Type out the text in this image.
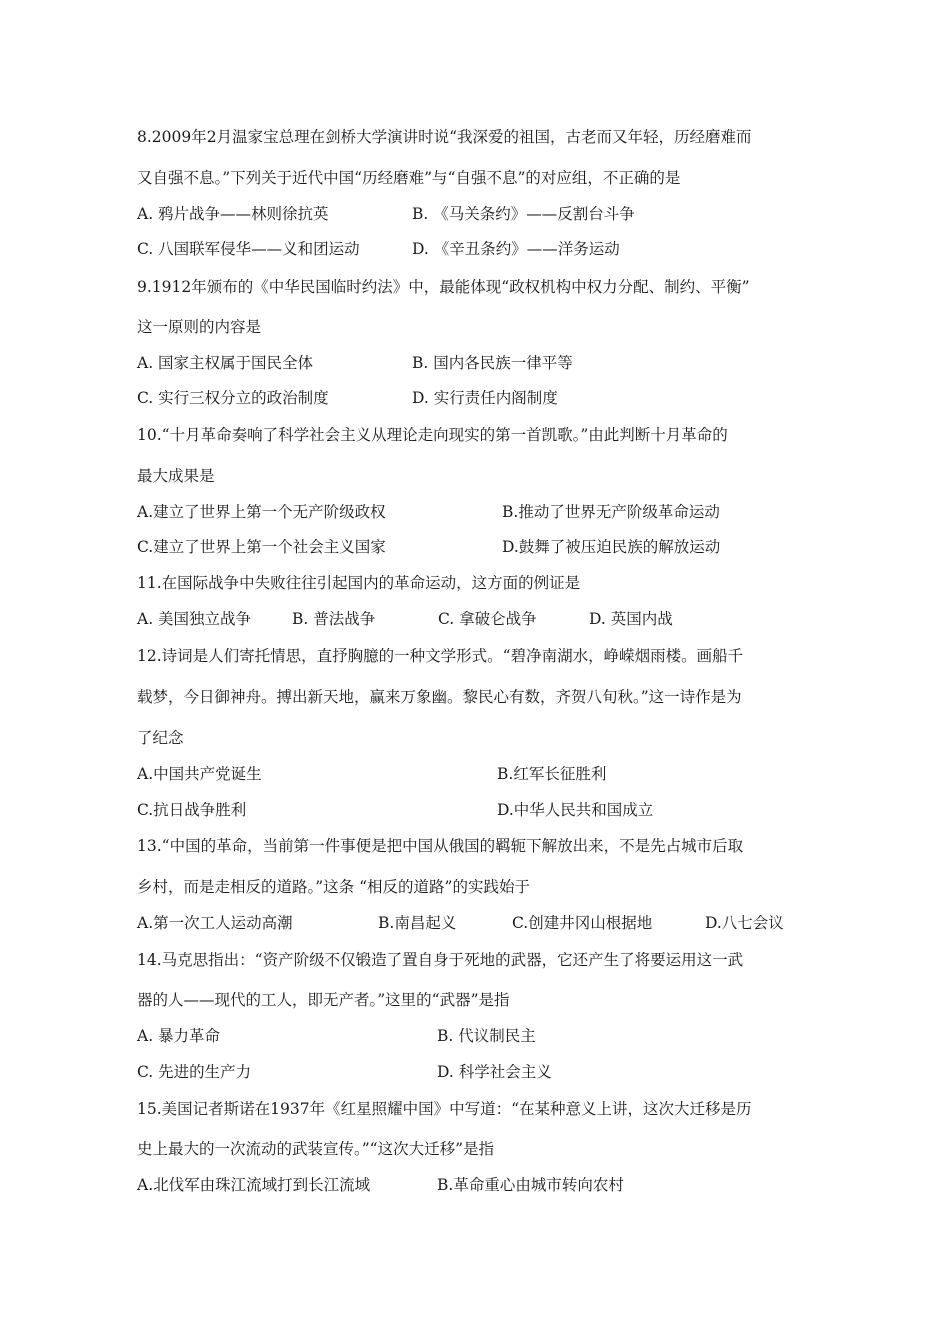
8.2009年2月温家宝总理在剑桥大学演讲时说“我深爱的祖国，古老而又年轻，历经磨难而
又自强不息。”下列关于近代中国“历经磨难”与“自强不息”的对应组，不正确的是
A. 鸦片战争——林则徐抗英	B. 《马关条约》——反割台斗争
C. 八国联军侵华——义和团运动	D. 《辛丑条约》——洋务运动
9.1912年颁布的《中华民国临时约法》中，最能体现“政权机构中权力分配、制约、平衡”
这一原则的内容是
A. 国家主权属于国民全体	B. 国内各民族一律平等
C. 实行三权分立的政治制度	D. 实行责任内阁制度
10.“十月革命奏响了科学社会主义从理论走向现实的第一首凯歌。”由此判断十月革命的
最大成果是
A.建立了世界上第一个无产阶级政权	B.推动了世界无产阶级革命运动
C.建立了世界上第一个社会主义国家	D.鼓舞了被压迫民族的解放运动
11.在国际战争中失败往往引起国内的革命运动，这方面的例证是
A. 美国独立战争	B. 普法战争	C. 拿破仑战争	D. 英国内战
12.诗词是人们寄托情思，直抒胸臆的一种文学形式。“碧净南湖水，峥嵘烟雨楼。画船千
载梦，今日御神舟。搏出新天地，赢来万象幽。黎民心有数，齐贺八旬秋。”这一诗作是为
了纪念
A.中国共产党诞生	B.红军长征胜利
C.抗日战争胜利	D.中华人民共和国成立
13.“中国的革命，当前第一件事便是把中国从俄国的羁轭下解放出来，不是先占城市后取
乡村，而是走相反的道路。”这条 “相反的道路”的实践始于
A.第一次工人运动高潮	B.南昌起义	C.创建井冈山根据地	D.八七会议
14.马克思指出：“资产阶级不仅锻造了置自身于死地的武器，它还产生了将要运用这一武
器的人——现代的工人，即无产者。”这里的“武器”是指
A. 暴力革命	B. 代议制民主
C. 先进的生产力	D. 科学社会主义
15.美国记者斯诺在1937年《红星照耀中国》中写道：“在某种意义上讲，这次大迁移是历
史上最大的一次流动的武装宣传。”“这次大迁移”是指
A.北伐军由珠江流域打到长江流域	B.革命重心由城市转向农村
